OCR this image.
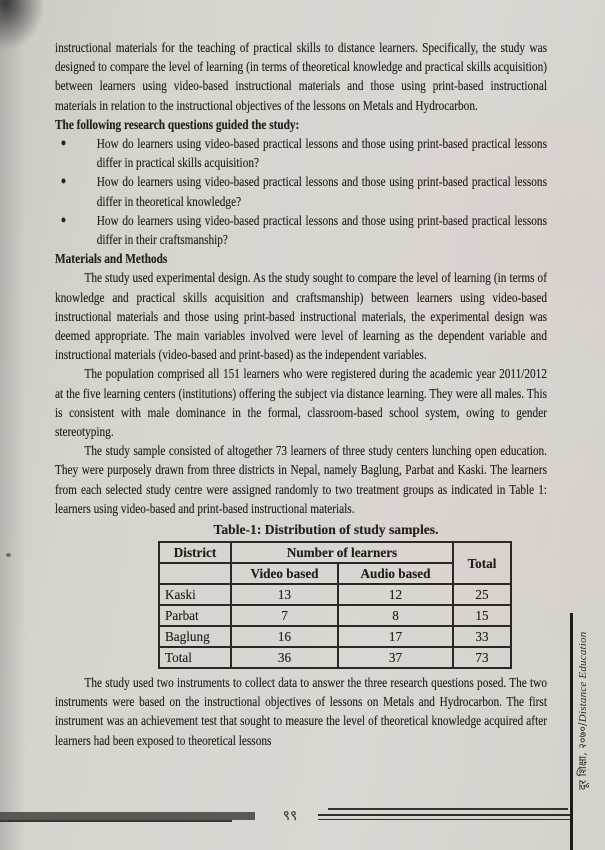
instructional materials for the teaching of practical skills to distance learners. Specifically, the study was designed to compare the level of learning (in terms of theoretical knowledge and practical skills acquisition) between learners using video-based instructional materials and those using print-based instructional materials in relation to the instructional objectives of the lessons on Metals and Hydrocarbon.

The following research questions guided the study:

●	How do learners using video-based practical lessons and those using print-based practical lessons differ in practical skills acquisition?
●	How do learners using video-based practical lessons and those using print-based practical lessons differ in theoretical knowledge?
●	How do learners using video-based practical lessons and those using print-based practical lessons differ in their craftsmanship?

Materials and Methods

The study used experimental design. As the study sought to compare the level of learning (in terms of knowledge and practical skills acquisition and craftsmanship) between learners using video-based instructional materials and those using print-based instructional materials, the experimental design was deemed appropriate. The main variables involved were level of learning as the dependent variable and instructional materials (video-based and print-based) as the independent variables.

The population comprised all 151 learners who were registered during the academic year 2011/2012 at the five learning centers (institutions) offering the subject via distance learning. They were all males. This is consistent with male dominance in the formal, classroom-based school system, owing to gender stereotyping.

The study sample consisted of altogether 73 learners of three study centers lunching open education. They were purposely drawn from three districts in Nepal, namely Baglung, Parbat and Kaski. The learners from each selected study centre were assigned randomly to two treatment groups as indicated in Table 1: learners using video-based and print-based instructional materials.

Table-1: Distribution of study samples.
District	Number of learners		Total
	Video based	Audio based	
Kaski	13	12	25
Parbat	7	8	15
Baglung	16	17	33
Total	36	37	73

The study used two instruments to collect data to answer the three research questions posed. The two instruments were based on the instructional objectives of lessons on Metals and Hydrocarbon. The first instrument was an achievement test that sought to measure the level of theoretical knowledge acquired after learners had been exposed to theoretical lessons

९९
दूर शिक्षा, २०७०/Distance Education
